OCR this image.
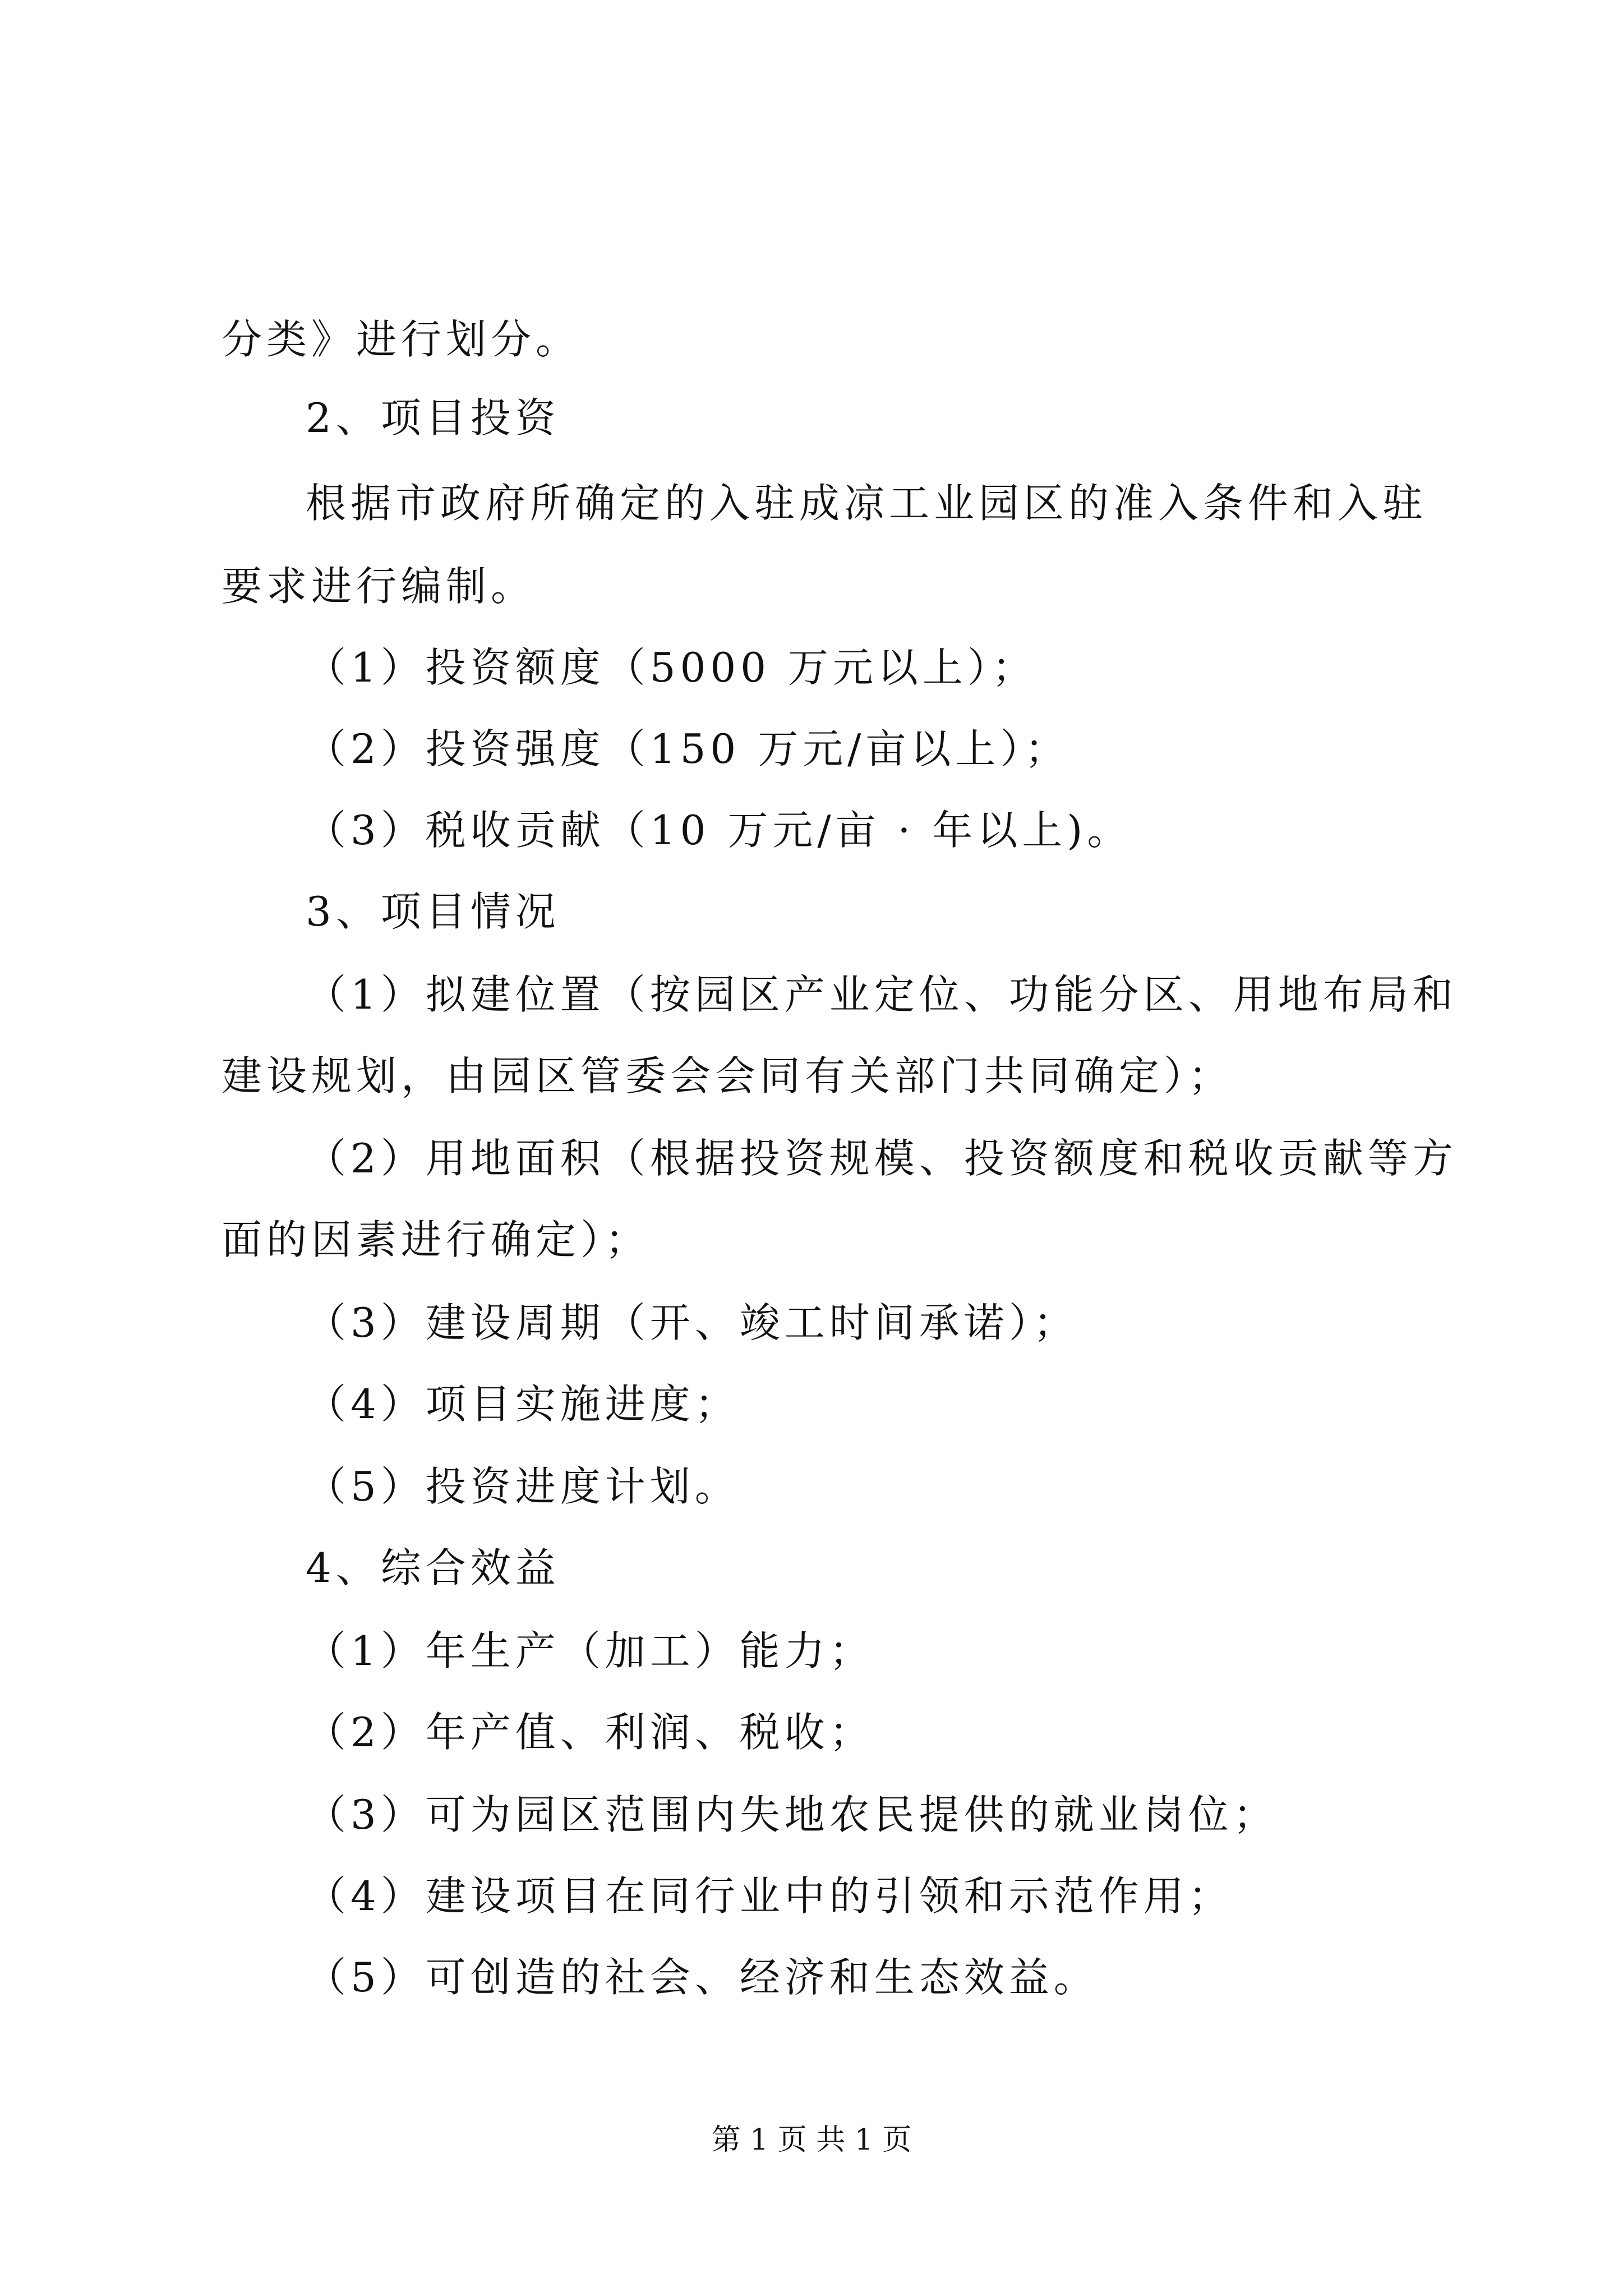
分类》进行划分。
2、项目投资
根据市政府所确定的入驻成凉工业园区的准入条件和入驻
要求进行编制。
（1）投资额度（5000 万元以上）；
（2）投资强度（150 万元/亩以上）；
（3）税收贡献（10 万元/亩 · 年以上)。
3、项目情况
（1）拟建位置（按园区产业定位、功能分区、用地布局和
建设规划，由园区管委会会同有关部门共同确定）；
（2）用地面积（根据投资规模、投资额度和税收贡献等方
面的因素进行确定）；
（3）建设周期（开、竣工时间承诺）；
（4）项目实施进度；
（5）投资进度计划。
4、综合效益
（1）年生产（加工）能力；
（2）年产值、利润、税收；
（3）可为园区范围内失地农民提供的就业岗位；
（4）建设项目在同行业中的引领和示范作用；
（5）可创造的社会、经济和生态效益。
第 1 页 共 1 页
